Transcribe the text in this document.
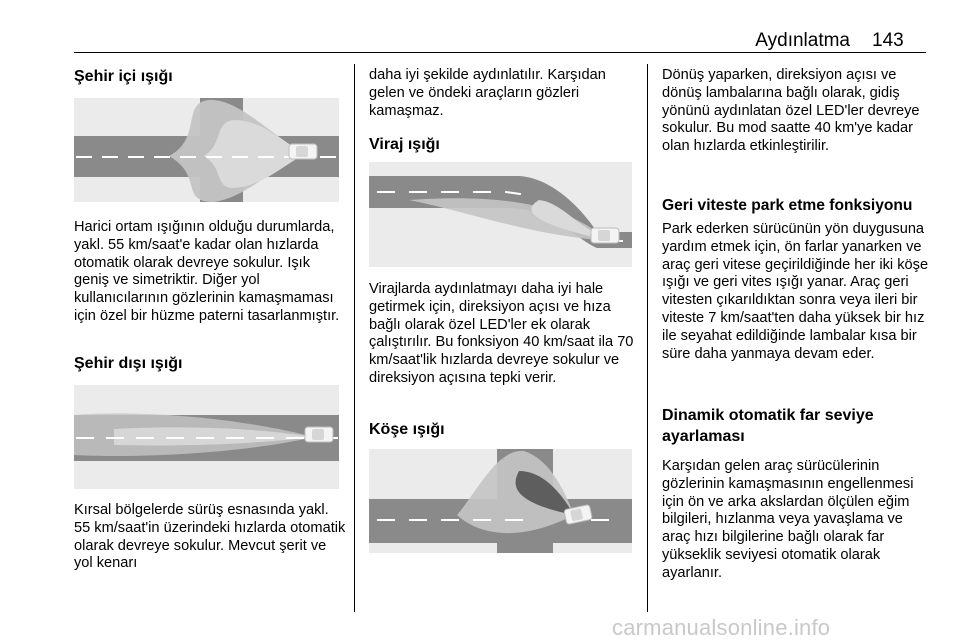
Aydınlatma 143
Şehir içi ışığı

Harici ortam ışığının olduğu durumlarda, yakl. 55 km/saat'e kadar olan hızlarda otomatik olarak devreye sokulur. Işık geniş ve simetriktir. Diğer yol kullanıcılarının gözlerinin kamaşmaması için özel bir hüzme paterni tasarlanmıştır.

Şehir dışı ışığı

Kırsal bölgelerde sürüş esnasında yakl. 55 km/saat'in üzerindeki hızlarda otomatik olarak devreye sokulur. Mevcut şerit ve yol kenarı

daha iyi şekilde aydınlatılır. Karşıdan gelen ve öndeki araçların gözleri kamaşmaz.

Viraj ışığı

Virajlarda aydınlatmayı daha iyi hale getirmek için, direksiyon açısı ve hıza bağlı olarak özel LED'ler ek olarak çalıştırılır. Bu fonksiyon 40 km/saat ila 70 km/saat'lik hızlarda devreye sokulur ve direksiyon açısına tepki verir.

Köşe ışığı

Dönüş yaparken, direksiyon açısı ve dönüş lambalarına bağlı olarak, gidiş yönünü aydınlatan özel LED'ler devreye sokulur. Bu mod saatte 40 km'ye kadar olan hızlarda etkinleştirilir.

Geri viteste park etme fonksiyonu

Park ederken sürücünün yön duygusuna yardım etmek için, ön farlar yanarken ve araç geri vitese geçirildiğinde her iki köşe ışığı ve geri vites ışığı yanar. Araç geri vitesten çıkarıldıktan sonra veya ileri bir viteste 7 km/saat'ten daha yüksek bir hız ile seyahat edildiğinde lambalar kısa bir süre daha yanmaya devam eder.

Dinamik otomatik far seviye ayarlaması

Karşıdan gelen araç sürücülerinin gözlerinin kamaşmasının engellenmesi için ön ve arka akslardan ölçülen eğim bilgileri, hızlanma veya yavaşlama ve araç hızı bilgilerine bağlı olarak far yükseklik seviyesi otomatik olarak ayarlanır.

carmanualsonline.info
